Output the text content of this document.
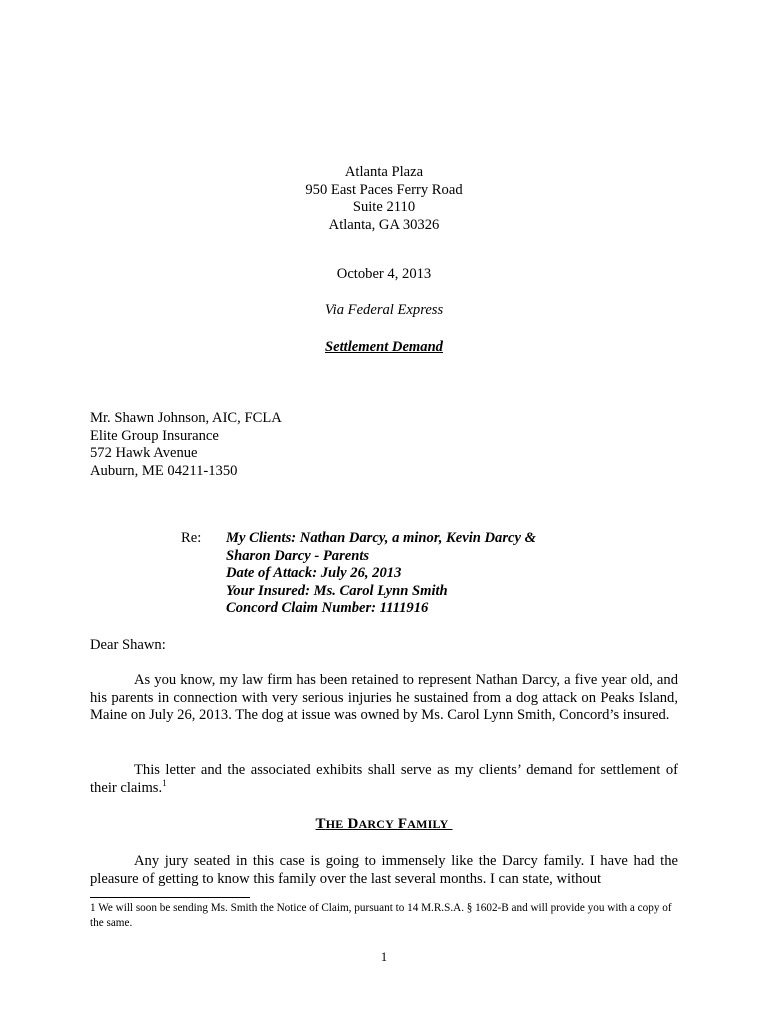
Atlanta Plaza
950 East Paces Ferry Road
Suite 2110
Atlanta, GA 30326
October 4, 2013
Via Federal Express
Settlement Demand
Mr. Shawn Johnson, AIC, FCLA
Elite Group Insurance
572 Hawk Avenue
Auburn, ME 04211-1350
Re: My Clients: Nathan Darcy, a minor, Kevin Darcy &
Sharon Darcy - Parents
Date of Attack: July 26, 2013
Your Insured: Ms. Carol Lynn Smith
Concord Claim Number: 1111916
Dear Shawn:
As you know, my law firm has been retained to represent Nathan Darcy, a five year old, and his parents in connection with very serious injuries he sustained from a dog attack on Peaks Island, Maine on July 26, 2013. The dog at issue was owned by Ms. Carol Lynn Smith, Concord’s insured.
This letter and the associated exhibits shall serve as my clients’ demand for settlement of their claims.$^1$
THE DARCY FAMILY
Any jury seated in this case is going to immensely like the Darcy family. I have had the pleasure of getting to know this family over the last several months. I can state, without
1 We will soon be sending Ms. Smith the Notice of Claim, pursuant to 14 M.R.S.A. § 1602-B and will provide you with a copy of the same.
1
